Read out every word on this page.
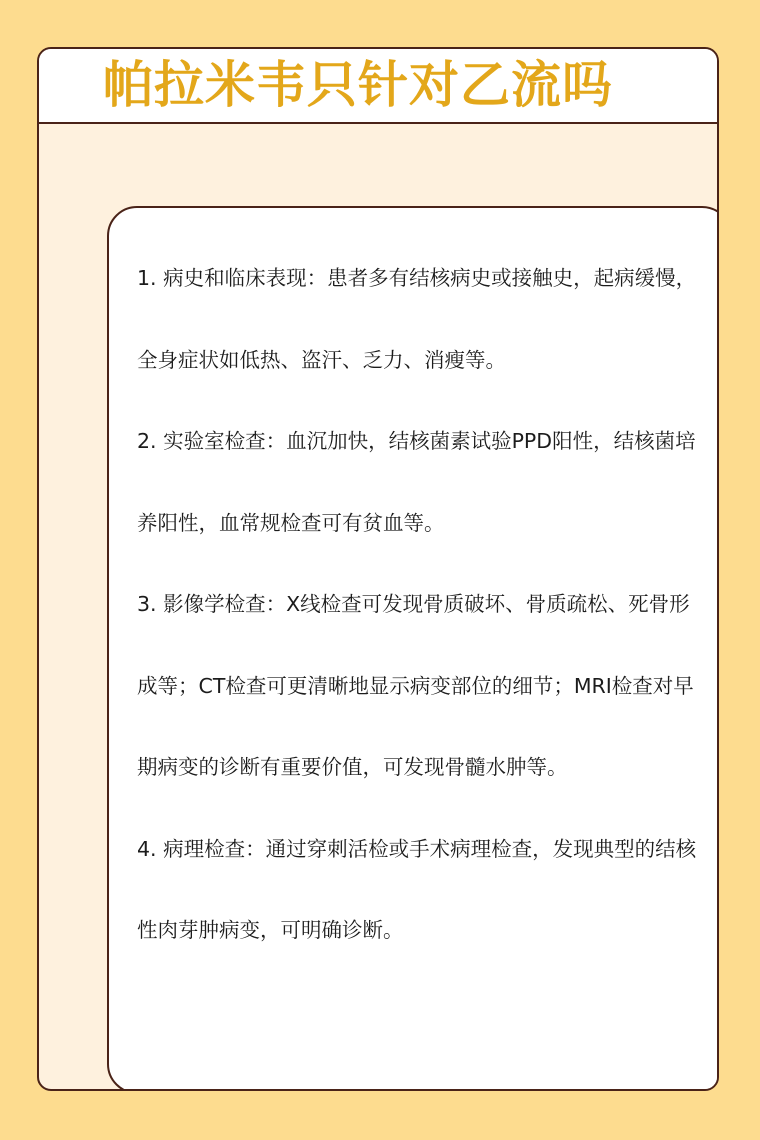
帕拉米韦只针对乙流吗

1. 病史和临床表现：患者多有结核病史或接触史，起病缓慢，全身症状如低热、盗汗、乏力、消瘦等。

2. 实验室检查：血沉加快，结核菌素试验PPD阳性，结核菌培养阳性，血常规检查可有贫血等。

3. 影像学检查：X线检查可发现骨质破坏、骨质疏松、死骨形成等；CT检查可更清晰地显示病变部位的细节；MRI检查对早期病变的诊断有重要价值，可发现骨髓水肿等。

4. 病理检查：通过穿刺活检或手术病理检查，发现典型的结核性肉芽肿病变，可明确诊断。
